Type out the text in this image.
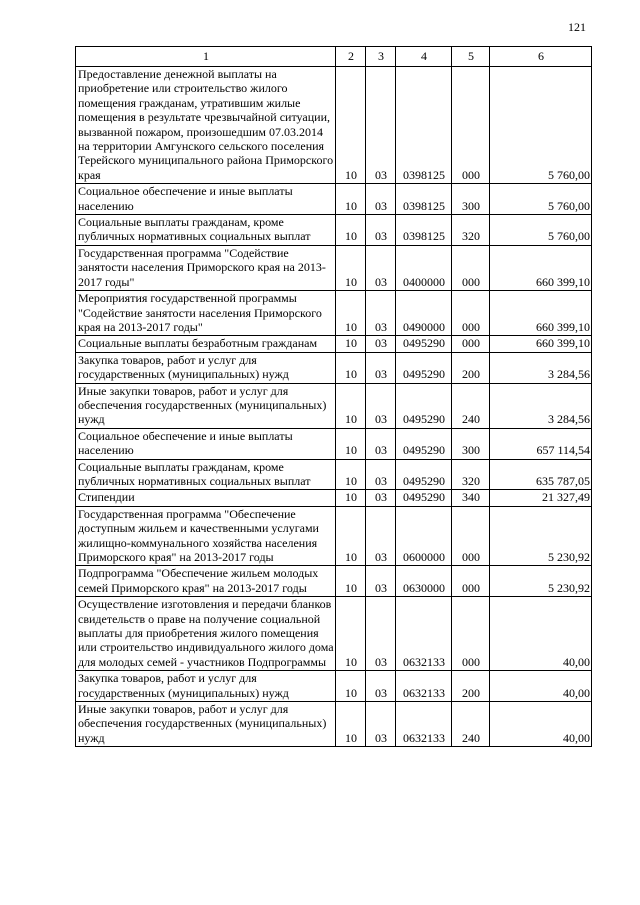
121
1	2	3	4	5	6
Предоставление денежной выплаты на приобретение или строительство жилого помещения гражданам, утратившим жилые помещения в результате чрезвычайной ситуации, вызванной пожаром, произошедшим 07.03.2014 на территории Амгунского сельского поселения Терейского муниципального района Приморского края	10	03	0398125	000	5 760,00
Социальное обеспечение и иные выплаты населению	10	03	0398125	300	5 760,00
Социальные выплаты гражданам, кроме публичных нормативных социальных выплат	10	03	0398125	320	5 760,00
Государственная программа "Содействие занятости населения Приморского края на 2013-2017 годы"	10	03	0400000	000	660 399,10
Мероприятия государственной программы "Содействие занятости населения Приморского края на 2013-2017 годы"	10	03	0490000	000	660 399,10
Социальные выплаты безработным гражданам	10	03	0495290	000	660 399,10
Закупка товаров, работ и услуг для государственных (муниципальных) нужд	10	03	0495290	200	3 284,56
Иные закупки товаров, работ и услуг для обеспечения государственных (муниципальных) нужд	10	03	0495290	240	3 284,56
Социальное обеспечение и иные выплаты населению	10	03	0495290	300	657 114,54
Социальные выплаты гражданам, кроме публичных нормативных социальных выплат	10	03	0495290	320	635 787,05
Стипендии	10	03	0495290	340	21 327,49
Государственная программа "Обеспечение доступным жильем и качественными услугами жилищно-коммунального хозяйства населения Приморского края" на 2013-2017 годы	10	03	0600000	000	5 230,92
Подпрограмма "Обеспечение жильем молодых семей Приморского края" на 2013-2017 годы	10	03	0630000	000	5 230,92
Осуществление изготовления и передачи бланков свидетельств о праве на получение социальной выплаты для приобретения жилого помещения или строительство индивидуального жилого дома для молодых семей - участников Подпрограммы	10	03	0632133	000	40,00
Закупка товаров, работ и услуг для государственных (муниципальных) нужд	10	03	0632133	200	40,00
Иные закупки товаров, работ и услуг для обеспечения государственных (муниципальных) нужд	10	03	0632133	240	40,00
